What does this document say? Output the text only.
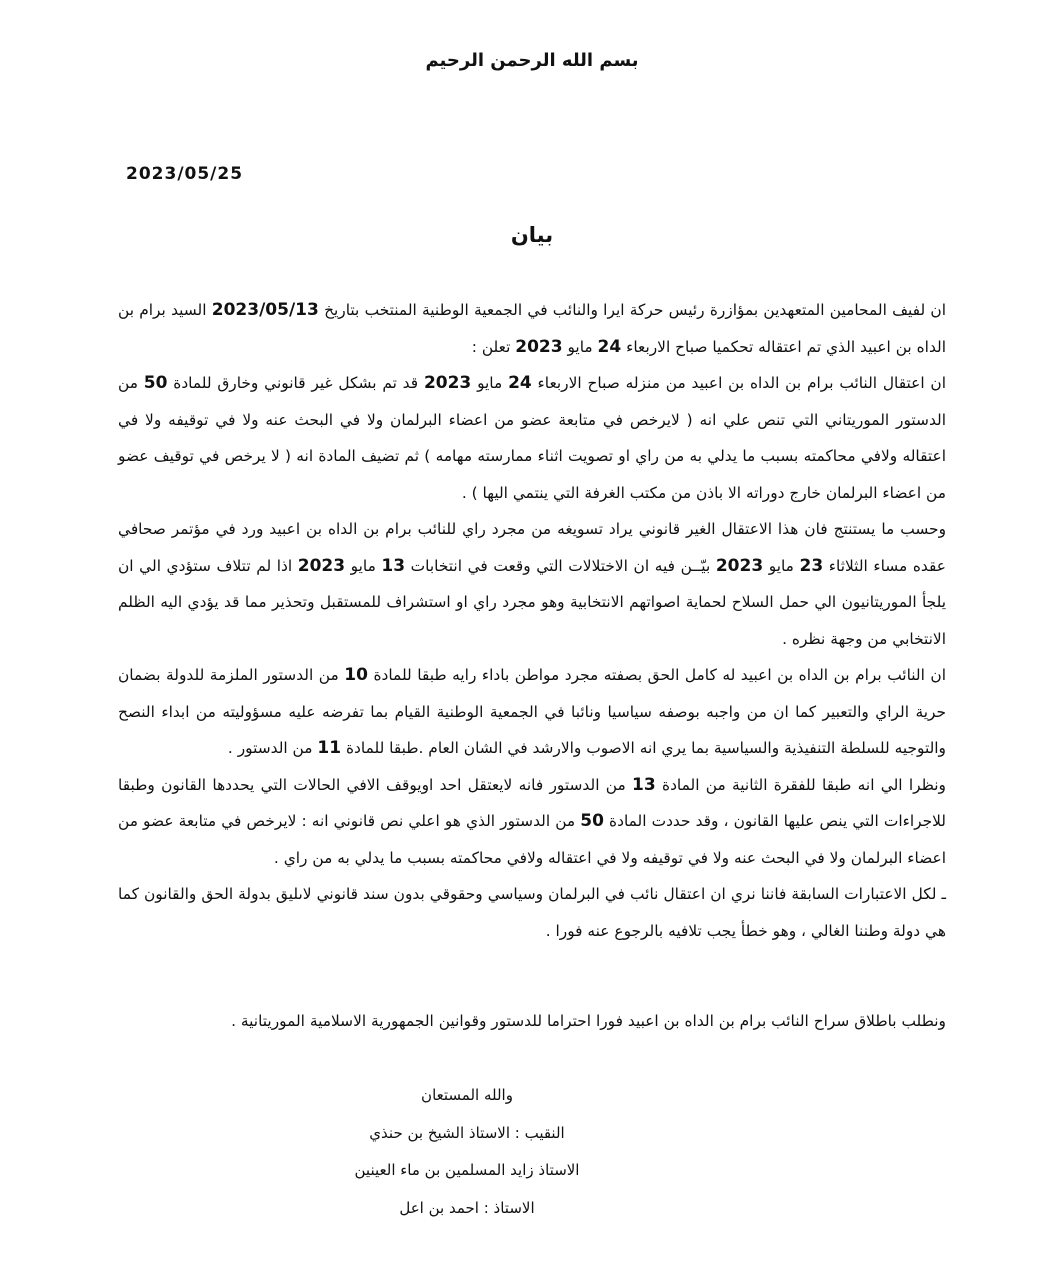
بسم الله الرحمن الرحيم
2023/05/25
بيان

ان لفيف المحامين المتعهدين بمؤازرة رئيس حركة ايرا والنائب في الجمعية الوطنية المنتخب بتاريخ 2023/05/13 السيد برام بن الداه بن اعبيد الذي تم اعتقاله تحكميا صباح الاربعاء 24 مايو 2023 تعلن :

ان اعتقال النائب برام بن الداه بن اعبيد من منزله صباح الاربعاء 24 مايو 2023 قد تم بشكل غير قانوني وخارق للمادة 50 من الدستور الموريتاني التي تنص علي انه ( لايرخص في متابعة عضو من اعضاء البرلمان ولا في البحث عنه ولا في توقيفه ولا في اعتقاله ولافي محاكمته بسبب ما يدلي به من راي او تصويت اثناء ممارسته مهامه ) ثم تضيف المادة انه ( لا يرخص في توقيف عضو من اعضاء البرلمان خارج دوراته الا باذن من مكتب الغرفة التي ينتمي اليها ) .

وحسب ما يستنتج فان هذا الاعتقال الغير قانوني يراد تسويغه من مجرد راي للنائب برام بن الداه بن اعبيد ورد في مؤتمر صحافي عقده مساء الثلاثاء 23 مايو 2023 بيّــن فيه ان الاختلالات التي وقعت في انتخابات 13 مايو 2023 اذا لم تتلاف ستؤدي الي ان يلجأ الموريتانيون الي حمل السلاح لحماية اصواتهم الانتخابية وهو مجرد راي او استشراف للمستقبل وتحذير مما قد يؤدي اليه الظلم الانتخابي من وجهة نظره .

ان النائب برام بن الداه بن اعبيد له كامل الحق بصفته مجرد مواطن باداء رايه طبقا للمادة 10 من الدستور الملزمة للدولة بضمان حرية الراي والتعبير كما ان من واجبه بوصفه سياسيا ونائبا في الجمعية الوطنية القيام بما تفرضه عليه مسؤوليته من ابداء النصح والتوجيه للسلطة التنفيذية والسياسية بما يري انه الاصوب والارشد في الشان العام .طبقا للمادة 11 من الدستور .

ونظرا الي انه طبقا للفقرة الثانية من المادة 13 من الدستور فانه لايعتقل احد اويوقف الافي الحالات التي يحددها القانون وطبقا للاجراءات التي ينص عليها القانون ، وقد حددت المادة 50 من الدستور الذي هو اعلي نص قانوني انه : لايرخص في متابعة عضو من اعضاء البرلمان ولا في البحث عنه ولا في توقيفه ولا في اعتقاله ولافي محاكمته بسبب ما يدلي به من راي .

ـ لكل الاعتبارات السابقة فاننا نري ان اعتقال نائب في البرلمان وسياسي وحقوقي بدون سند قانوني لاىليق بدولة الحق والقانون كما هي دولة وطننا الغالي ، وهو خطأ يجب تلافيه بالرجوع عنه فورا .

ونطلب باطلاق سراح النائب برام بن الداه بن اعبيد فورا احتراما للدستور وقوانين الجمهورية الاسلامية الموريتانية .
والله المستعان
النقيب : الاستاذ الشيخ بن حنذي
الاستاذ زايد المسلمين بن ماء العينين
الاستاذ : احمد بن اعل
